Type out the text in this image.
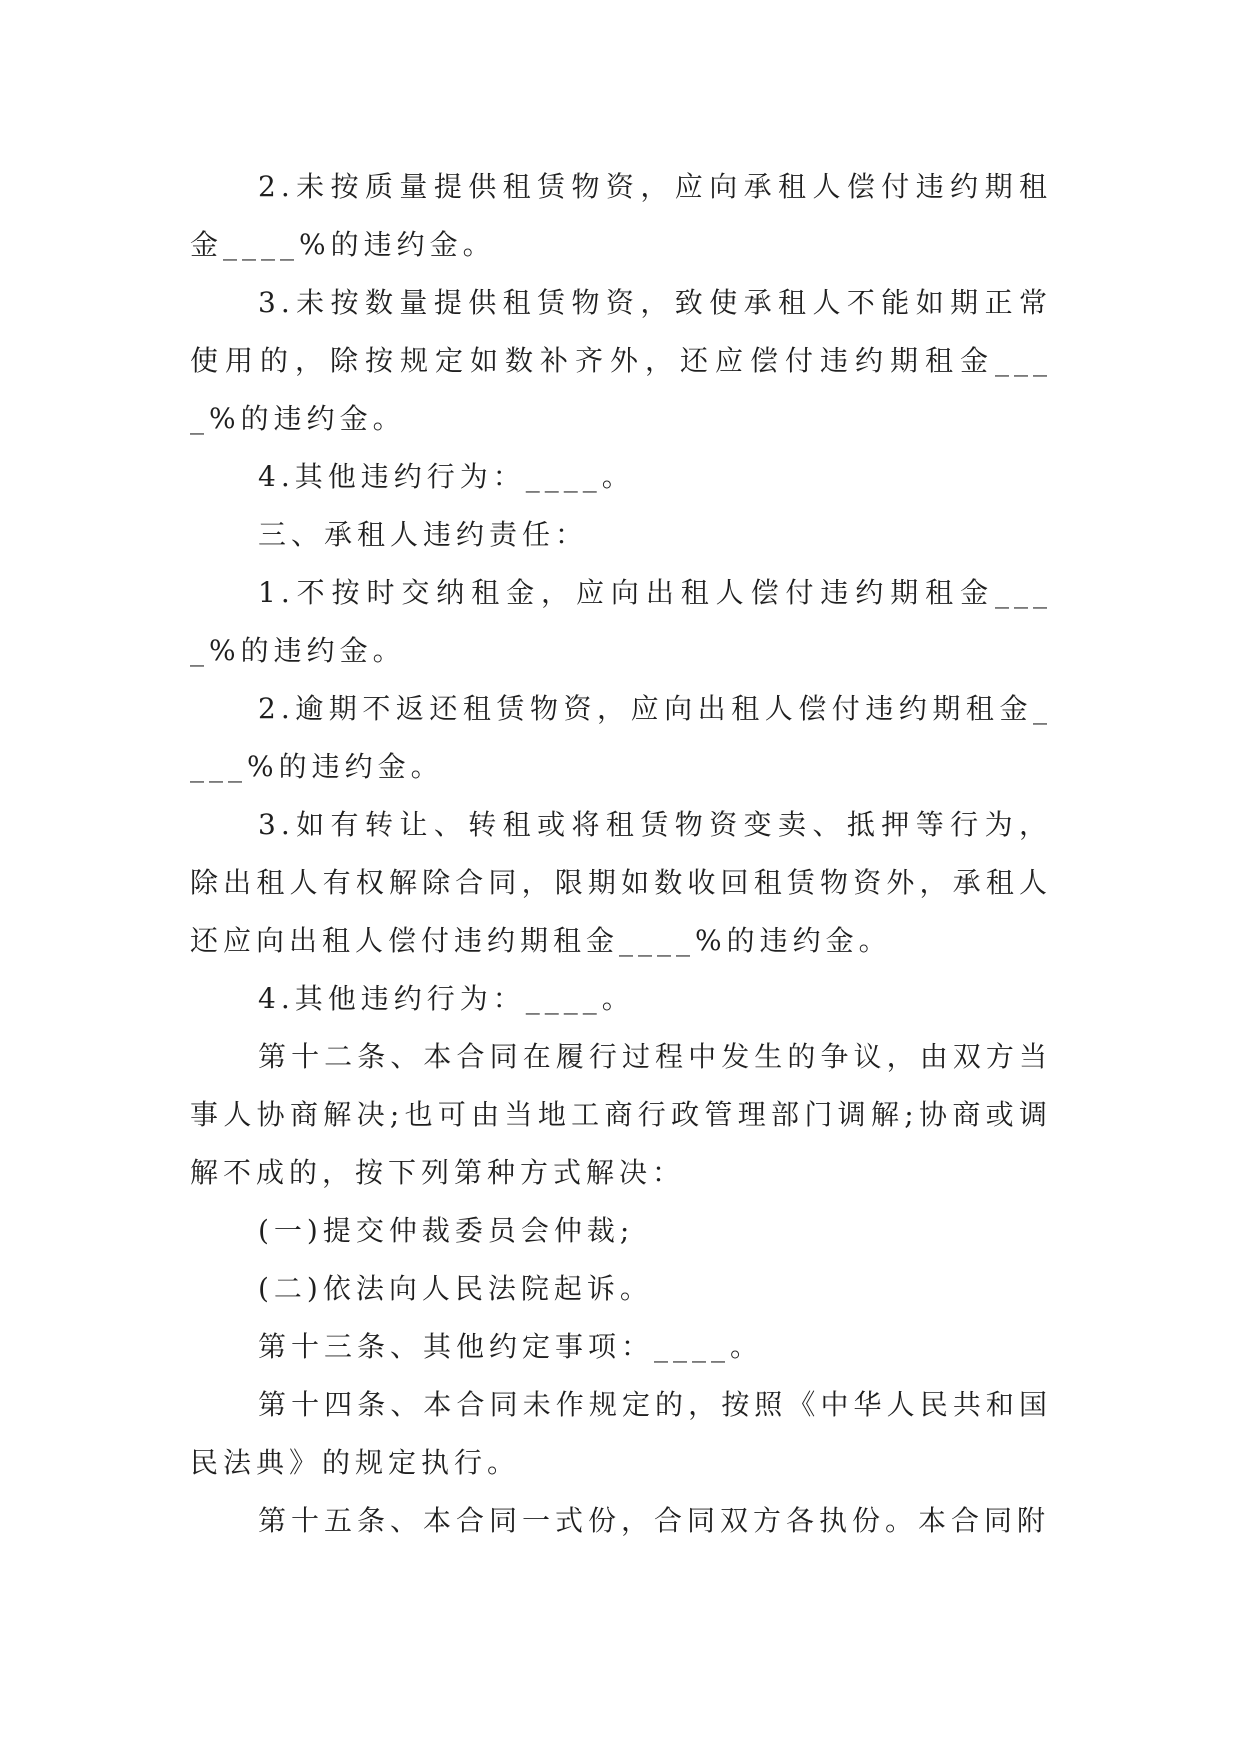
2.未按质量提供租赁物资，应向承租人偿付违约期租金____%的违约金。

3.未按数量提供租赁物资，致使承租人不能如期正常使用的，除按规定如数补齐外，还应偿付违约期租金____%的违约金。

4.其他违约行为：____。

三、承租人违约责任：

1.不按时交纳租金，应向出租人偿付违约期租金____%的违约金。

2.逾期不返还租赁物资，应向出租人偿付违约期租金____%的违约金。

3.如有转让、转租或将租赁物资变卖、抵押等行为，除出租人有权解除合同，限期如数收回租赁物资外，承租人还应向出租人偿付违约期租金____%的违约金。

4.其他违约行为：____。

第十二条、本合同在履行过程中发生的争议，由双方当事人协商解决;也可由当地工商行政管理部门调解;协商或调解不成的，按下列第种方式解决：

(一)提交仲裁委员会仲裁;

(二)依法向人民法院起诉。

第十三条、其他约定事项：____。

第十四条、本合同未作规定的，按照《中华人民共和国民法典》的规定执行。

第十五条、本合同一式份，合同双方各执份。本合同附
